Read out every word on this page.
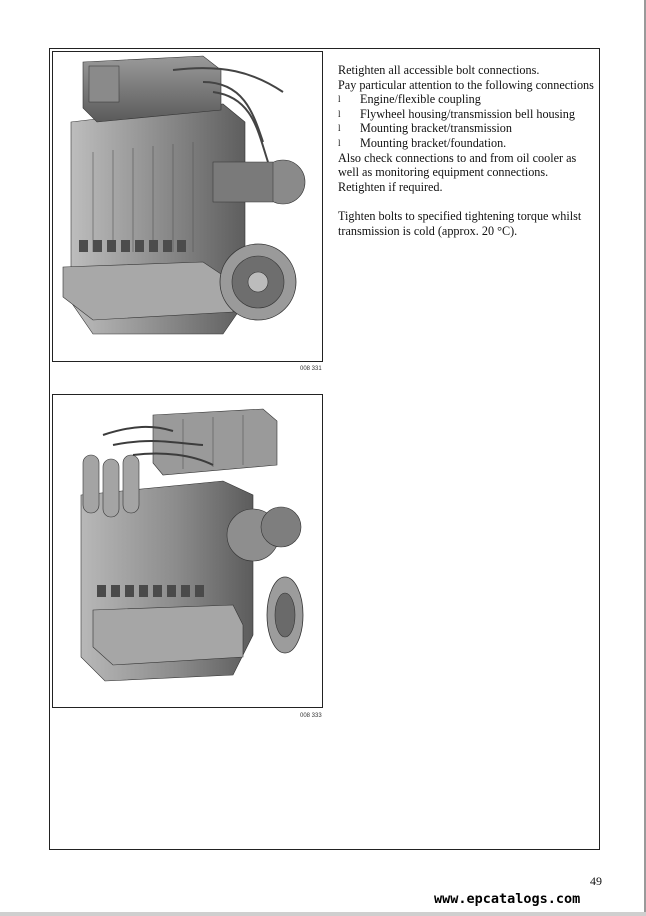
008 331
008 333

Retighten all accessible bolt connections.

Pay particular attention to the following connections

l	Engine/flexible coupling
l	Flywheel housing/transmission bell housing
l	Mounting bracket/transmission
l	Mounting bracket/foundation.

Also check connections to and from oil cooler as well as monitoring equipment connections. Retighten if required.

Tighten bolts to specified tightening torque whilst transmission is cold (approx. 20 °C).

49
www.epcatalogs.com
